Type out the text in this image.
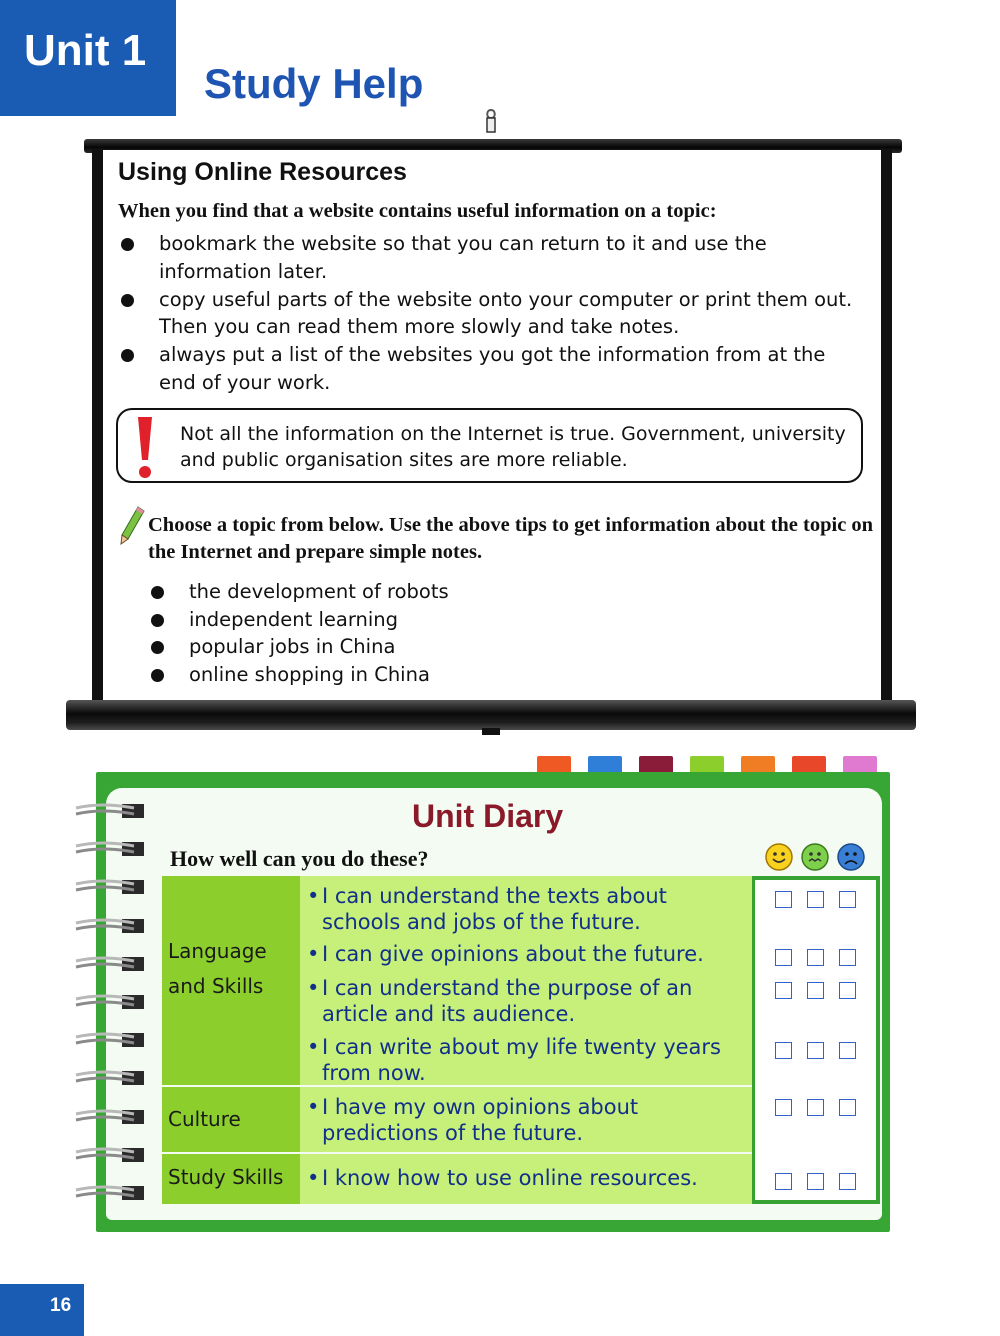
Unit 1
Study Help
Using Online Resources
When you find that a website contains useful information on a topic:
bookmark the website so that you can return to it and use the information later.
copy useful parts of the website onto your computer or print them out. Then you can read them more slowly and take notes.
always put a list of the websites you got the information from at the end of your work.
Not all the information on the Internet is true. Government, university and public organisation sites are more reliable.
Choose a topic from below. Use the above tips to get information about the topic on the Internet and prepare simple notes.
the development of robots
independent learning
popular jobs in China
online shopping in China
Unit Diary
How well can you do these?
Language
and Skills
Culture
Study Skills
• I can understand the texts about
schools and jobs of the future.
• I can give opinions about the future.
• I can understand the purpose of an
article and its audience.
• I can write about my life twenty years
from now.
• I have my own opinions about
predictions of the future.
• I know how to use online resources.
16
